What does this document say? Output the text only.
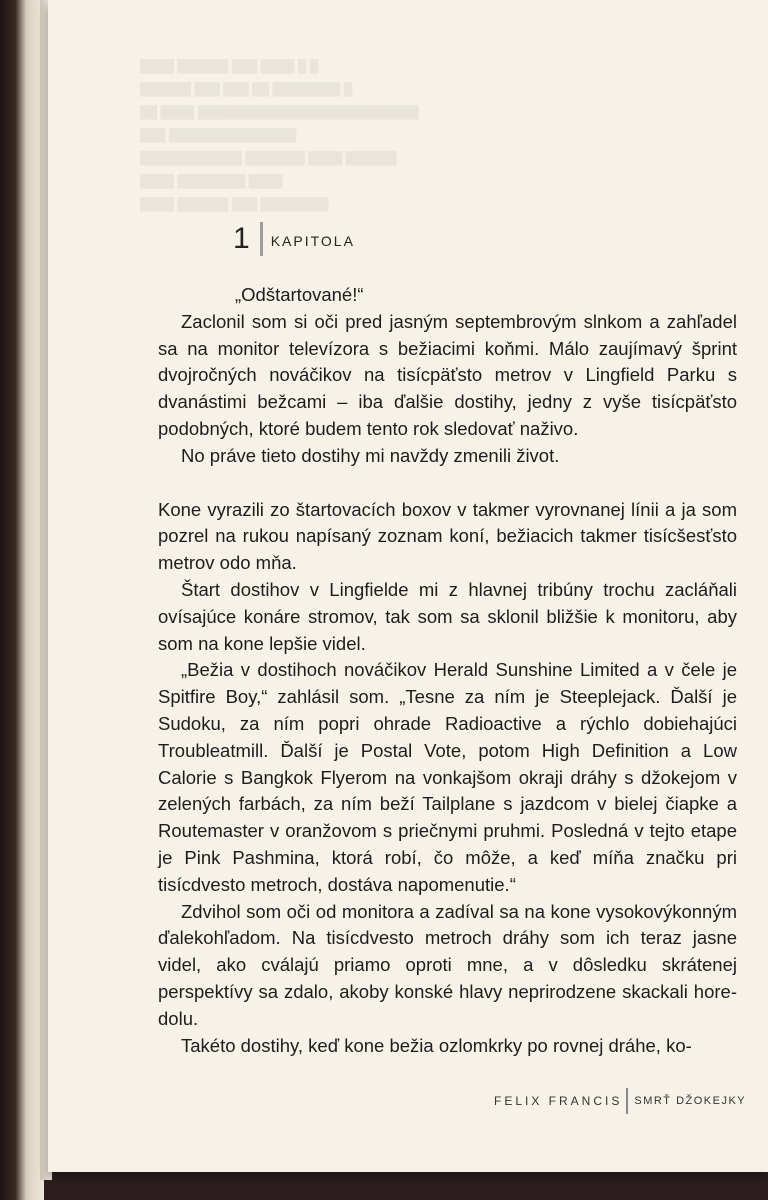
1 KAPITOLA

„Odštartované!“

Zaclonil som si oči pred jasným septembrovým slnkom a zahľadel sa na monitor televízora s bežiacimi koňmi. Málo zaujímavý šprint dvojročných nováčikov na tisícpäťsto metrov v Lingfield Parku s dvanástimi bežcami – iba ďalšie dostihy, jedny z vyše tisícpäťsto podobných, ktoré budem tento rok sledovať naživo.

No práve tieto dostihy mi navždy zmenili život.

Kone vyrazili zo štartovacích boxov v takmer vyrovnanej línii a ja som pozrel na rukou napísaný zoznam koní, bežiacich takmer tisícšesťsto metrov odo mňa.

Štart dostihov v Lingfielde mi z hlavnej tribúny trochu zacláňali ovísajúce konáre stromov, tak som sa sklonil bližšie k monitoru, aby som na kone lepšie videl.

„Bežia v dostihoch nováčikov Herald Sunshine Limited a v čele je Spitfire Boy,“ zahlásil som. „Tesne za ním je Steeplejack. Ďalší je Sudoku, za ním popri ohrade Radioactive a rýchlo dobiehajúci Troubleatmill. Ďalší je Postal Vote, potom High Definition a Low Calorie s Bangkok Flyerom na vonkajšom okraji dráhy s džokejom v zelených farbách, za ním beží Tailplane s jazdcom v bielej čiapke a Routemaster v oranžovom s priečnymi pruhmi. Posledná v tejto etape je Pink Pashmina, ktorá robí, čo môže, a keď míňa značku pri tisícdvesto metroch, dostáva napomenutie.“

Zdvihol som oči od monitora a zadíval sa na kone vysokovýkonným ďalekohľadom. Na tisícdvesto metroch dráhy som ich teraz jasne videl, ako cválajú priamo oproti mne, a v dôsledku skrátenej perspektívy sa zdalo, akoby konské hlavy neprirodzene skackali hore-dolu.

Takéto dostihy, keď kone bežia ozlomkrky po rovnej dráhe, ko-

FELIX FRANCIS SMRŤ DŽOKEJKY
